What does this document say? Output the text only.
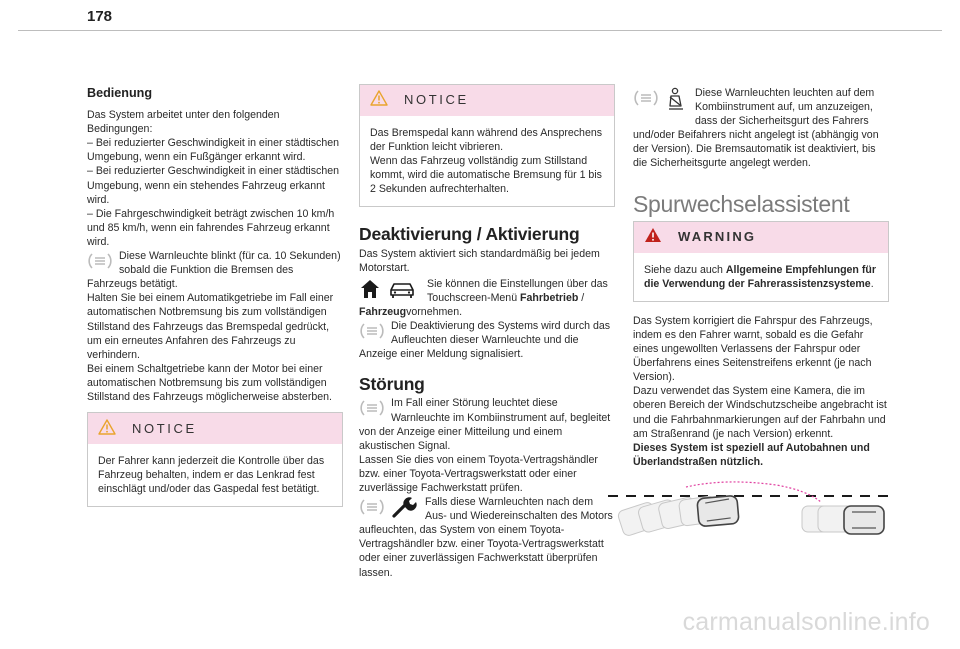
178
Bedienung

Das System arbeitet unter den folgenden Bedingungen:

– Bei reduzierter Geschwindigkeit in einer städtischen Umgebung, wenn ein Fußgänger erkannt wird.

– Bei reduzierter Geschwindigkeit in einer städtischen Umgebung, wenn ein stehendes Fahrzeug erkannt wird.

– Die Fahrgeschwindigkeit beträgt zwischen 10 km/h und 85 km/h, wenn ein fahrendes Fahrzeug erkannt wird.

Diese Warnleuchte blinkt (für ca. 10 Sekunden) sobald die Funktion die Bremsen des Fahrzeugs betätigt.

Halten Sie bei einem Automatikgetriebe im Fall einer automatischen Notbremsung bis zum vollständigen Stillstand des Fahrzeugs das Bremspedal gedrückt, um ein erneutes Anfahren des Fahrzeugs zu verhindern.

Bei einem Schaltgetriebe kann der Motor bei einer automatischen Notbremsung bis zum vollständigen Stillstand des Fahrzeugs möglicherweise absterben.

NOTICE

Der Fahrer kann jederzeit die Kontrolle über das Fahrzeug behalten, indem er das Lenkrad fest einschlägt und/oder das Gaspedal fest betätigt.

NOTICE

Das Bremspedal kann während des Ansprechens der Funktion leicht vibrieren.

Wenn das Fahrzeug vollständig zum Stillstand kommt, wird die automatische Bremsung für 1 bis 2 Sekunden aufrechterhalten.

Deaktivierung / Aktivierung

Das System aktiviert sich standardmäßig bei jedem Motorstart.

Sie können die Einstellungen über das Touchscreen-Menü Fahrbetrieb / Fahrzeugvornehmen.
Die Deaktivierung des Systems wird durch das Aufleuchten dieser Warnleuchte und die Anzeige einer Meldung signalisiert.
Störung
Im Fall einer Störung leuchtet diese Warnleuchte im Kombiinstrument auf, begleitet von der Anzeige einer Mitteilung und einem akustischen Signal.

Lassen Sie dies von einem Toyota-Vertragshändler bzw. einer Toyota-Vertragswerkstatt oder einer zuverlässige Fachwerkstatt prüfen.

Falls diese Warnleuchten nach dem Aus- und Wiedereinschalten des Motors aufleuchten, das System von einem Toyota-Vertragshändler bzw. einer Toyota-Vertragswerkstatt oder einer zuverlässigen Fachwerkstatt überprüfen lassen.
Diese Warnleuchten leuchten auf dem Kombiinstrument auf, um anzuzeigen, dass der Sicherheitsgurt des Fahrers und/oder Beifahrers nicht angelegt ist (abhängig von der Version). Die Bremsautomatik ist deaktiviert, bis die Sicherheitsgurte angelegt werden.
Spurwechselassistent
WARNING
Siehe dazu auch Allgemeine Empfehlungen für die Verwendung der Fahrerassistenzsysteme.

Das System korrigiert die Fahrspur des Fahrzeugs, indem es den Fahrer warnt, sobald es die Gefahr eines ungewollten Verlassens der Fahrspur oder Überfahrens eines Seitenstreifens erkennt (je nach Version).

Dazu verwendet das System eine Kamera, die im oberen Bereich der Windschutzscheibe angebracht ist und die Fahrbahnmarkierungen auf der Fahrbahn und am Straßenrand (je nach Version) erkennt.

Dieses System ist speziell auf Autobahnen und Überlandstraßen nützlich.

carmanualsonline.info
